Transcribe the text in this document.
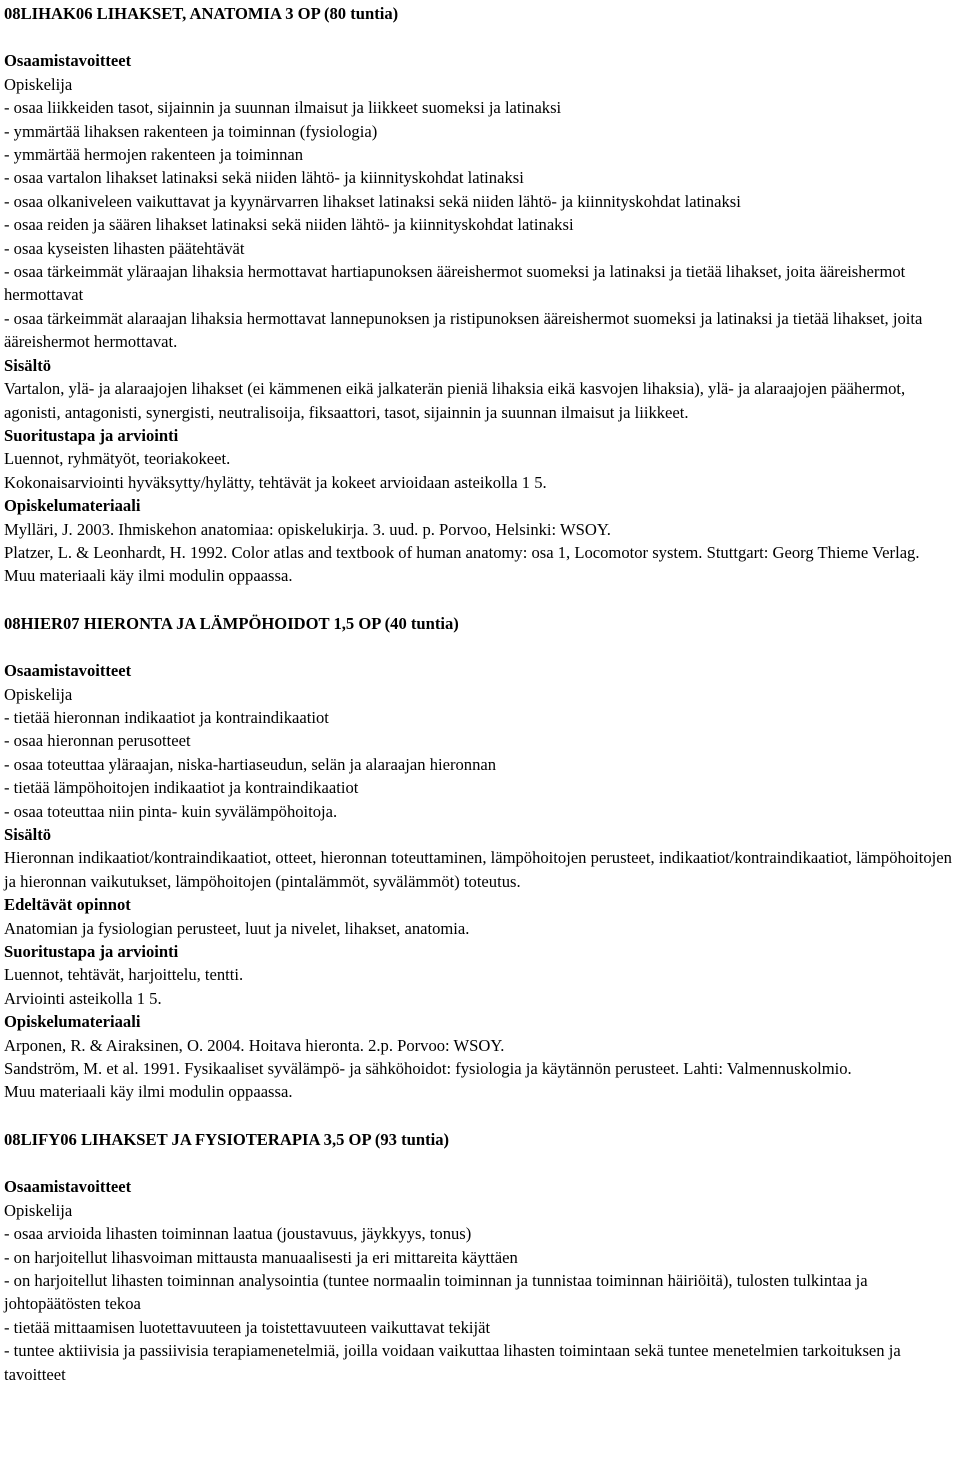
08LIHAK06 LIHAKSET, ANATOMIA 3 OP (80 tuntia)
Osaamistavoitteet
Opiskelija
- osaa liikkeiden tasot, sijainnin ja suunnan ilmaisut ja liikkeet suomeksi ja latinaksi
- ymmärtää lihaksen rakenteen ja toiminnan (fysiologia)
- ymmärtää hermojen rakenteen ja toiminnan
- osaa vartalon lihakset latinaksi sekä niiden lähtö- ja kiinnityskohdat latinaksi
- osaa olkaniveleen vaikuttavat ja kyynärvarren lihakset latinaksi sekä niiden lähtö- ja kiinnityskohdat latinaksi
- osaa reiden ja säären lihakset latinaksi sekä niiden lähtö- ja kiinnityskohdat latinaksi
- osaa kyseisten lihasten päätehtävät
- osaa tärkeimmät yläraajan lihaksia hermottavat hartiapunoksen ääreishermot suomeksi ja latinaksi ja tietää lihakset, joita ääreishermot hermottavat
- osaa tärkeimmät alaraajan lihaksia hermottavat lannepunoksen ja ristipunoksen ääreishermot suomeksi ja latinaksi ja tietää lihakset, joita ääreishermot hermottavat.
Sisältö
Vartalon, ylä- ja alaraajojen lihakset (ei kämmenen eikä jalkaterän pieniä lihaksia eikä kasvojen lihaksia), ylä- ja alaraajojen päähermot, agonisti, antagonisti, synergisti, neutralisoija, fiksaattori, tasot, sijainnin ja suunnan ilmaisut ja liikkeet.
Suoritustapa ja arviointi
Luennot, ryhmätyöt, teoriakokeet.
Kokonaisarviointi hyväksytty/hylätty, tehtävät ja kokeet arvioidaan asteikolla 1 5.
Opiskelumateriaali
Mylläri, J. 2003. Ihmiskehon anatomiaa: opiskelukirja. 3. uud. p. Porvoo, Helsinki: WSOY.
Platzer, L. & Leonhardt, H. 1992. Color atlas and textbook of human anatomy: osa 1, Locomotor system. Stuttgart: Georg Thieme Verlag.
Muu materiaali käy ilmi modulin oppaassa.
08HIER07 HIERONTA JA LÄMPÖHOIDOT 1,5 OP (40 tuntia)
Osaamistavoitteet
Opiskelija
- tietää hieronnan indikaatiot ja kontraindikaatiot
- osaa hieronnan perusotteet
- osaa toteuttaa yläraajan, niska-hartiaseudun, selän ja alaraajan hieronnan
- tietää lämpöhoitojen indikaatiot ja kontraindikaatiot
- osaa toteuttaa niin pinta- kuin syvälämpöhoitoja.
Sisältö
Hieronnan indikaatiot/kontraindikaatiot, otteet, hieronnan toteuttaminen, lämpöhoitojen perusteet, indikaatiot/kontraindikaatiot, lämpöhoitojen ja hieronnan vaikutukset, lämpöhoitojen (pintalämmöt, syvälämmöt) toteutus.
Edeltävät opinnot
Anatomian ja fysiologian perusteet, luut ja nivelet, lihakset, anatomia.
Suoritustapa ja arviointi
Luennot, tehtävät, harjoittelu, tentti.
Arviointi asteikolla 1 5.
Opiskelumateriaali
Arponen, R. & Airaksinen, O. 2004. Hoitava hieronta. 2.p. Porvoo: WSOY.
Sandström, M. et al. 1991. Fysikaaliset syvälämpö- ja sähköhoidot: fysiologia ja käytännön perusteet. Lahti: Valmennuskolmio.
Muu materiaali käy ilmi modulin oppaassa.
08LIFY06 LIHAKSET JA FYSIOTERAPIA 3,5 OP (93 tuntia)
Osaamistavoitteet
Opiskelija
- osaa arvioida lihasten toiminnan laatua (joustavuus, jäykkyys, tonus)
- on harjoitellut lihasvoiman mittausta manuaalisesti ja eri mittareita käyttäen
- on harjoitellut lihasten toiminnan analysointia (tuntee normaalin toiminnan ja tunnistaa toiminnan häiriöitä), tulosten tulkintaa ja johtopäätösten tekoa
- tietää mittaamisen luotettavuuteen ja toistettavuuteen vaikuttavat tekijät
- tuntee aktiivisia ja passiivisia terapiamenetelmiä, joilla voidaan vaikuttaa lihasten toimintaan sekä tuntee menetelmien tarkoituksen ja tavoitteet
